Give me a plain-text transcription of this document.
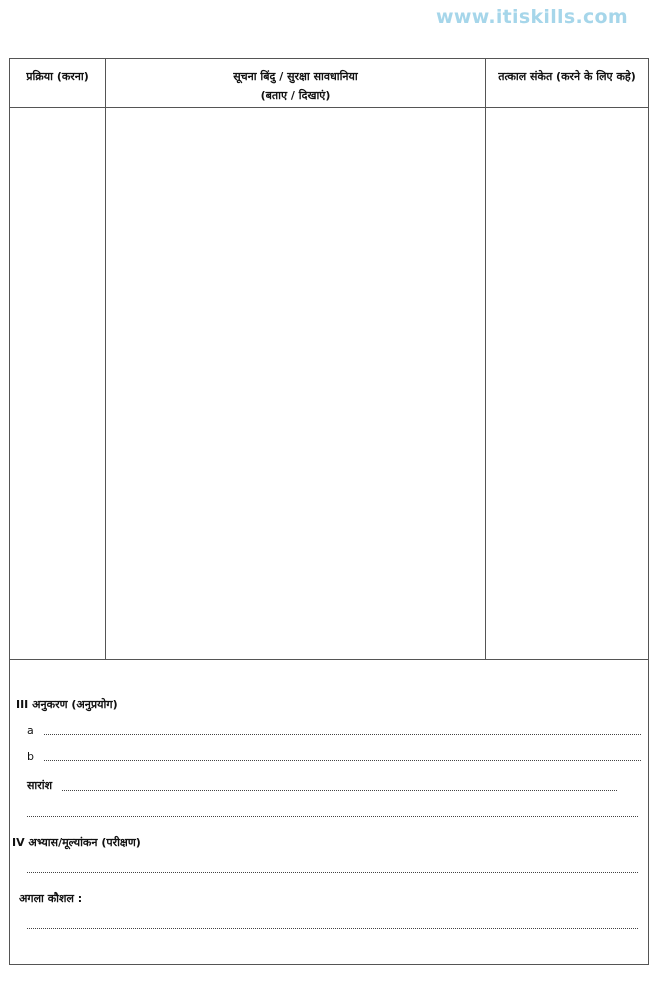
www.itiskills.com
प्रक्रिया (करना)	सूचना बिंदु / सुरक्षा सावधानिया
(बताए / दिखाएं)
तत्काल संकेत (करने के लिए कहे)
III अनुकरण (अनुप्रयोग)
a
b
सारांश
IV अभ्यास/मूल्यांकन (परीक्षण)
अगला कौशल :
